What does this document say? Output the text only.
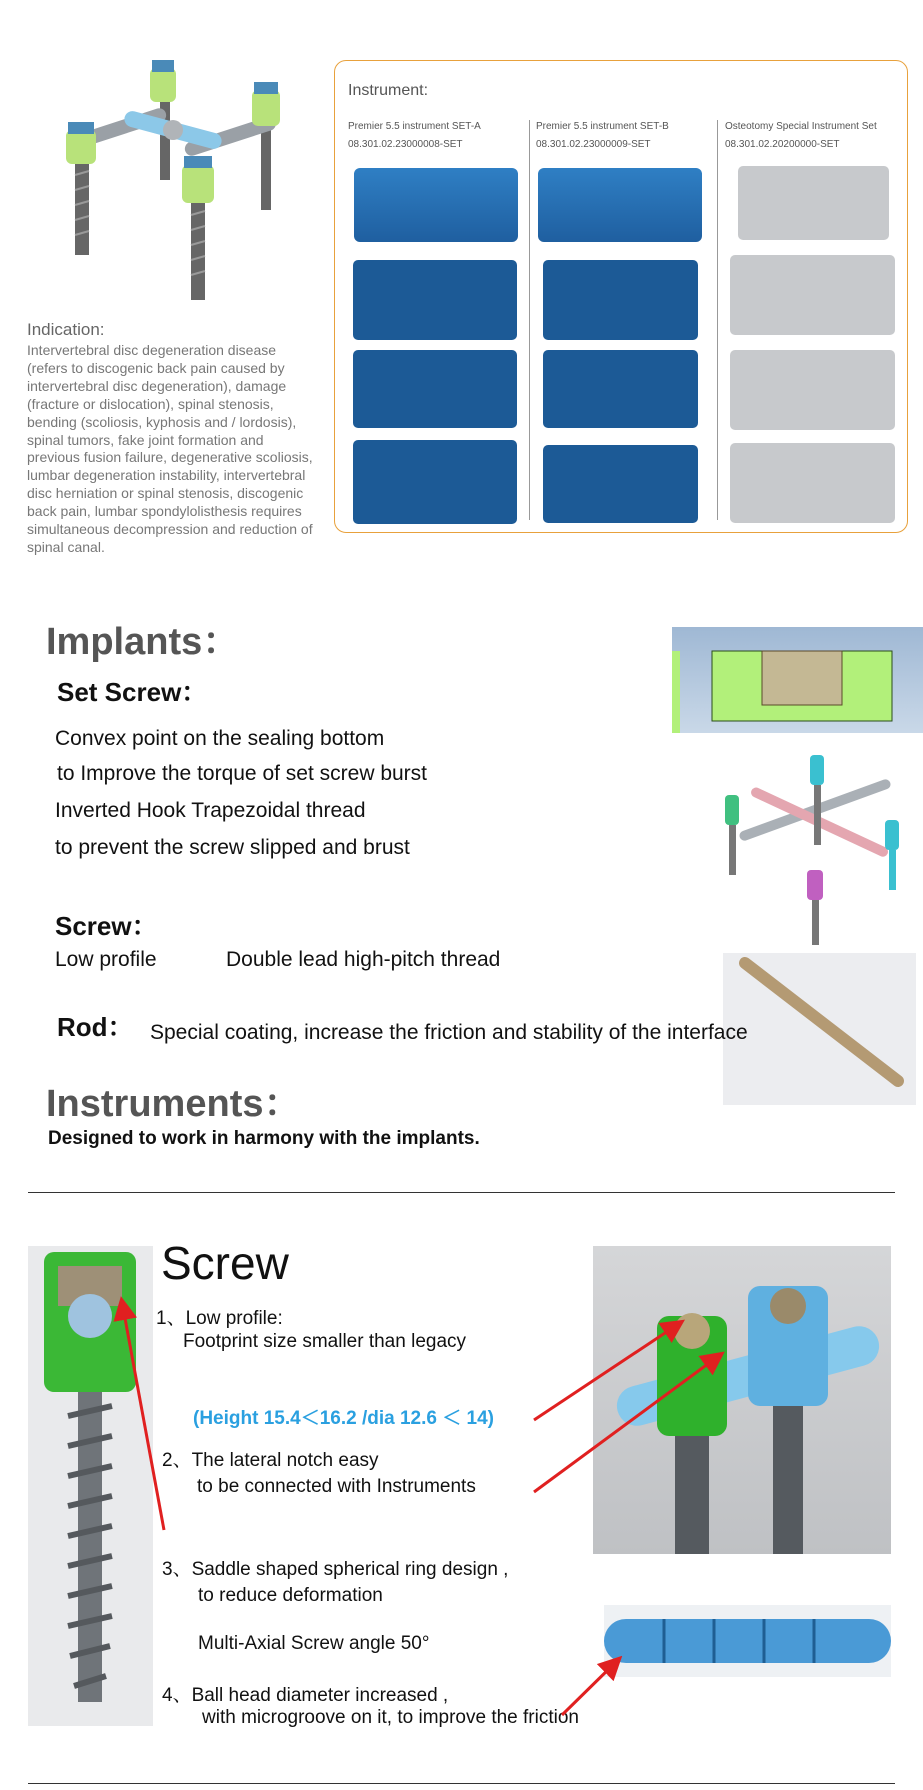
Indication:
Intervertebral disc degeneration disease (refers to discogenic back pain caused by intervertebral disc degeneration), damage (fracture or dislocation), spinal stenosis, bending (scoliosis, kyphosis and / lordosis), spinal tumors, fake joint formation and previous fusion failure, degenerative scoliosis, lumbar degeneration instability, intervertebral disc herniation or spinal stenosis, discogenic back pain, lumbar spondylolisthesis requires simultaneous decompression and reduction of spinal canal.
Instrument:
Premier 5.5 instrument SET-A
08.301.02.23000008-SET
Premier 5.5 instrument SET-B
08.301.02.23000009-SET
Osteotomy Special Instrument Set
08.301.02.20200000-SET
Implants：
Set Screw：
Convex point on the sealing bottom
to Improve the torque of set screw burst
Inverted Hook Trapezoidal thread
to prevent the screw slipped and brust
Screw：
Low profile	Double lead high-pitch thread
Rod： Special coating, increase the friction and stability of the interface
Instruments：
Designed to work in harmony with the implants.
Screw
1、Low profile:
Footprint size smaller than legacy
(Height 15.4＜16.2 /dia 12.6 ＜ 14)
2、The lateral notch easy
to be connected with Instruments
3、Saddle shaped spherical ring design ,
to reduce deformation
Multi-Axial Screw angle 50°
4、Ball head diameter increased ,
with microgroove on it, to improve the friction
